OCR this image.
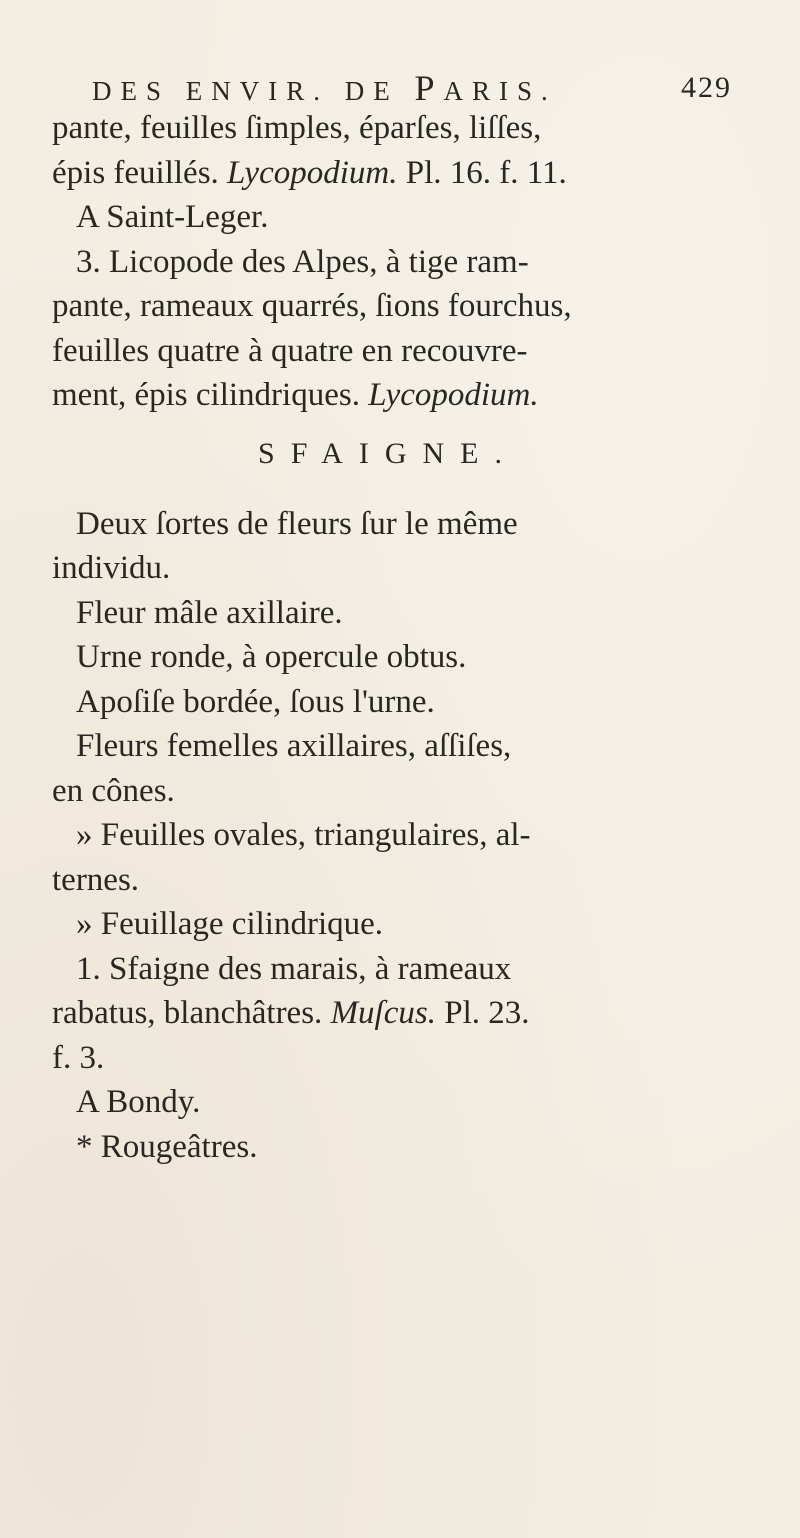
DES ENVIR. DE PARIS.	429
pante, feuilles ſimples, éparſes, liſſes,
épis feuillés. Lycopodium. Pl. 16. f. 11.
A Saint-Leger.
3. Licopode des Alpes, à tige ram-
pante, rameaux quarrés, ſions fourchus,
feuilles quatre à quatre en recouvre-
ment, épis cilindriques. Lycopodium.
SFAIGNE.
Deux ſortes de fleurs ſur le même
individu.
Fleur mâle axillaire.
Urne ronde, à opercule obtus.
Apoſiſe bordée, ſous l'urne.
Fleurs femelles axillaires, aſſiſes,
en cônes.
» Feuilles ovales, triangulaires, al-
ternes.
» Feuillage cilindrique.
1. Sfaigne des marais, à rameaux
rabatus, blanchâtres. Muſcus. Pl. 23.
f. 3.
A Bondy.
* Rougeâtres.
